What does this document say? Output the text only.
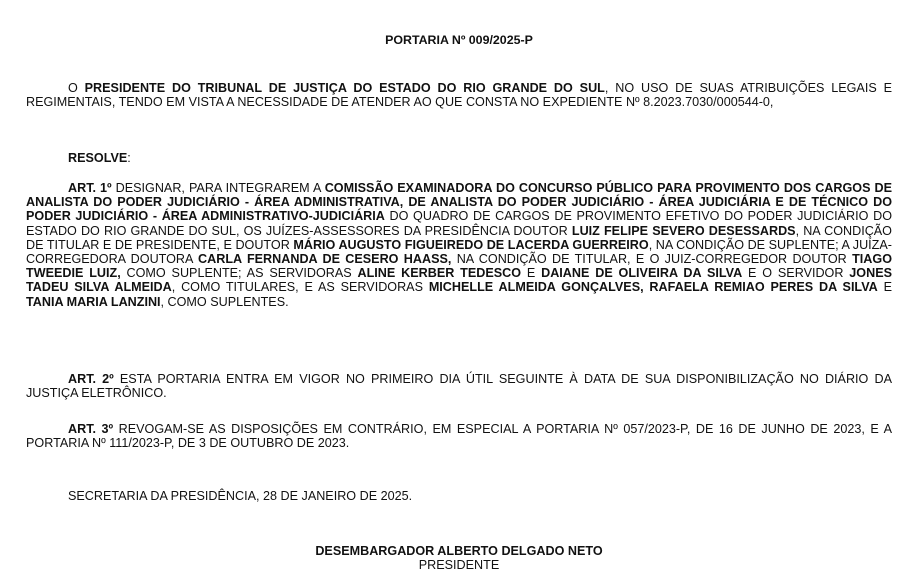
PORTARIA Nº 009/2025-P

O PRESIDENTE DO TRIBUNAL DE JUSTIÇA DO ESTADO DO RIO GRANDE DO SUL, NO USO DE SUAS ATRIBUIÇÕES LEGAIS E REGIMENTAIS, TENDO EM VISTA A NECESSIDADE DE ATENDER AO QUE CONSTA NO EXPEDIENTE Nº 8.2023.7030/000544-0,

RESOLVE:

ART. 1º DESIGNAR, PARA INTEGRAREM A COMISSÃO EXAMINADORA DO CONCURSO PÚBLICO PARA PROVIMENTO DOS CARGOS DE ANALISTA DO PODER JUDICIÁRIO - ÁREA ADMINISTRATIVA, DE ANALISTA DO PODER JUDICIÁRIO - ÁREA JUDICIÁRIA E DE TÉCNICO DO PODER JUDICIÁRIO - ÁREA ADMINISTRATIVO-JUDICIÁRIA DO QUADRO DE CARGOS DE PROVIMENTO EFETIVO DO PODER JUDICIÁRIO DO ESTADO DO RIO GRANDE DO SUL, OS JUÍZES-ASSESSORES DA PRESIDÊNCIA DOUTOR LUIZ FELIPE SEVERO DESESSARDS, NA CONDIÇÃO DE TITULAR E DE PRESIDENTE, E DOUTOR MÁRIO AUGUSTO FIGUEIREDO DE LACERDA GUERREIRO, NA CONDIÇÃO DE SUPLENTE; A JUÍZA-CORREGEDORA DOUTORA CARLA FERNANDA DE CESERO HAASS, NA CONDIÇÃO DE TITULAR, E O JUIZ-CORREGEDOR DOUTOR TIAGO TWEEDIE LUIZ, COMO SUPLENTE; AS SERVIDORAS ALINE KERBER TEDESCO E DAIANE DE OLIVEIRA DA SILVA E O SERVIDOR JONES TADEU SILVA ALMEIDA, COMO TITULARES, E AS SERVIDORAS MICHELLE ALMEIDA GONÇALVES, RAFAELA REMIAO PERES DA SILVA E TANIA MARIA LANZINI, COMO SUPLENTES.

ART. 2º ESTA PORTARIA ENTRA EM VIGOR NO PRIMEIRO DIA ÚTIL SEGUINTE À DATA DE SUA DISPONIBILIZAÇÃO NO DIÁRIO DA JUSTIÇA ELETRÔNICO.

ART. 3º REVOGAM-SE AS DISPOSIÇÕES EM CONTRÁRIO, EM ESPECIAL A PORTARIA Nº 057/2023-P, DE 16 DE JUNHO DE 2023, E A PORTARIA Nº 111/2023-P, DE 3 DE OUTUBRO DE 2023.

SECRETARIA DA PRESIDÊNCIA, 28 DE JANEIRO DE 2025.

DESEMBARGADOR ALBERTO DELGADO NETO
PRESIDENTE
